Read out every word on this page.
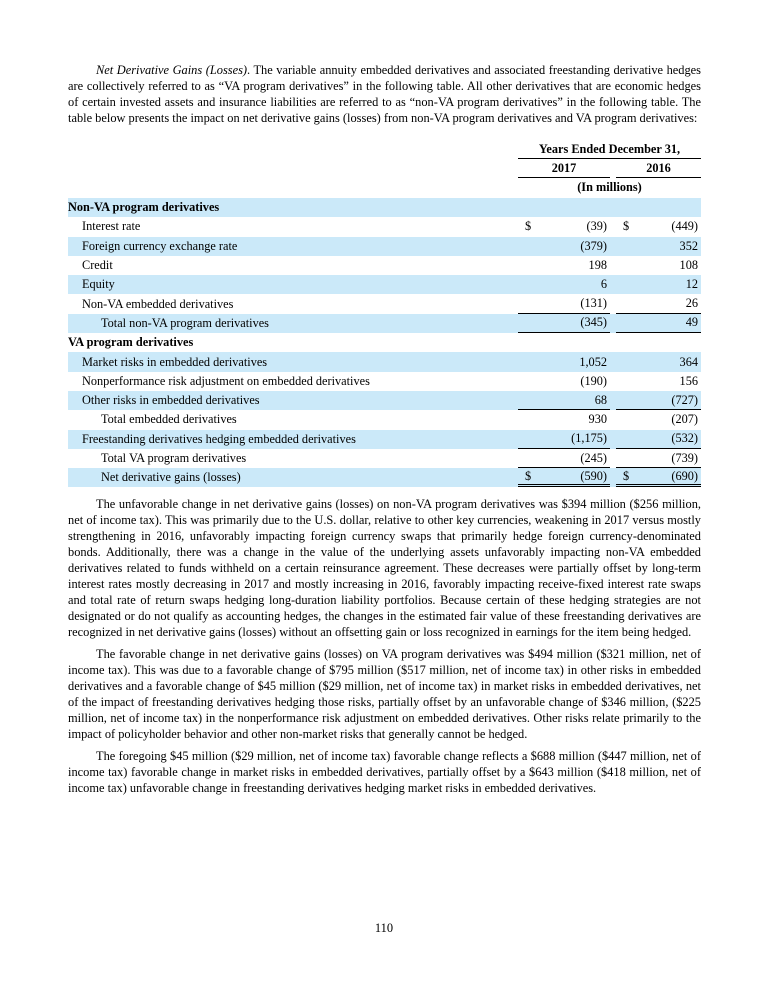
Net Derivative Gains (Losses). The variable annuity embedded derivatives and associated freestanding derivative hedges are collectively referred to as “VA program derivatives” in the following table. All other derivatives that are economic hedges of certain invested assets and insurance liabilities are referred to as “non-VA program derivatives” in the following table. The table below presents the impact on net derivative gains (losses) from non-VA program derivatives and VA program derivatives:

Years Ended December 31,
2017	2016
(In millions)
Non-VA program derivatives
Interest rate	$	(39) $	(449)
Foreign currency exchange rate	(379)	352
Credit	198	108
Equity	6	12
Non-VA embedded derivatives	(131)	26
Total non-VA program derivatives	(345)	49
VA program derivatives
Market risks in embedded derivatives	1,052	364
Nonperformance risk adjustment on embedded derivatives	(190)	156
Other risks in embedded derivatives	68	(727)
Total embedded derivatives	930	(207)
Freestanding derivatives hedging embedded derivatives	(1,175)	(532)
Total VA program derivatives	(245)	(739)
Net derivative gains (losses)	$	(590) $	(690)

The unfavorable change in net derivative gains (losses) on non-VA program derivatives was $394 million ($256 million, net of income tax). This was primarily due to the U.S. dollar, relative to other key currencies, weakening in 2017 versus mostly strengthening in 2016, unfavorably impacting foreign currency swaps that primarily hedge foreign currency-denominated bonds. Additionally, there was a change in the value of the underlying assets unfavorably impacting non-VA embedded derivatives related to funds withheld on a certain reinsurance agreement. These decreases were partially offset by long-term interest rates mostly decreasing in 2017 and mostly increasing in 2016, favorably impacting receive-fixed interest rate swaps and total rate of return swaps hedging long-duration liability portfolios. Because certain of these hedging strategies are not designated or do not qualify as accounting hedges, the changes in the estimated fair value of these freestanding derivatives are recognized in net derivative gains (losses) without an offsetting gain or loss recognized in earnings for the item being hedged.

The favorable change in net derivative gains (losses) on VA program derivatives was $494 million ($321 million, net of income tax). This was due to a favorable change of $795 million ($517 million, net of income tax) in other risks in embedded derivatives and a favorable change of $45 million ($29 million, net of income tax) in market risks in embedded derivatives, net of the impact of freestanding derivatives hedging those risks, partially offset by an unfavorable change of $346 million, ($225 million, net of income tax) in the nonperformance risk adjustment on embedded derivatives. Other risks relate primarily to the impact of policyholder behavior and other non-market risks that generally cannot be hedged.

The foregoing $45 million ($29 million, net of income tax) favorable change reflects a $688 million ($447 million, net of income tax) favorable change in market risks in embedded derivatives, partially offset by a $643 million ($418 million, net of income tax) unfavorable change in freestanding derivatives hedging market risks in embedded derivatives.

110
